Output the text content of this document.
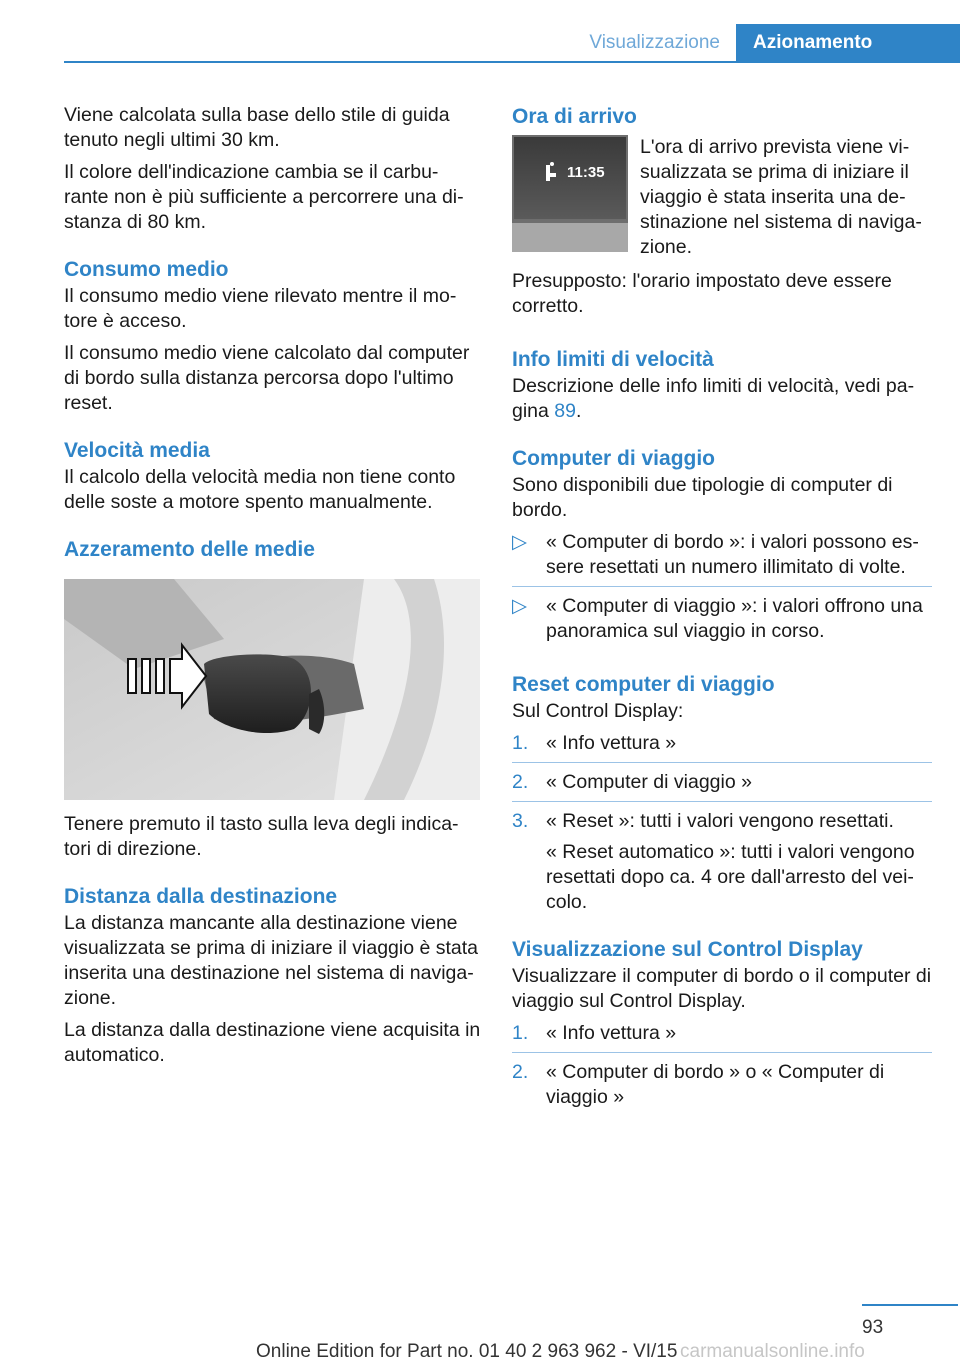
Visualizzazione	Azionamento

Viene calcolata sulla base dello stile di guida tenuto negli ultimi 30 km.

Il colore dell'indicazione cambia se il carbu-rante non è più sufficiente a percorrere una di-stanza di 80 km.

Consumo medio

Il consumo medio viene rilevato mentre il mo-tore è acceso.

Il consumo medio viene calcolato dal computer di bordo sulla distanza percorsa dopo l'ultimo reset.

Velocità media

Il calcolo della velocità media non tiene conto delle soste a motore spento manualmente.

Azzeramento delle medie

Tenere premuto il tasto sulla leva degli indica-tori di direzione.

Distanza dalla destinazione

La distanza mancante alla destinazione viene visualizzata se prima di iniziare il viaggio è stata inserita una destinazione nel sistema di naviga-zione.

La distanza dalla destinazione viene acquisita in automatico.

Ora di arrivo
11:35

L'ora di arrivo prevista viene vi-sualizzata se prima di iniziare il viaggio è stata inserita una de-stinazione nel sistema di naviga-zione.

Presupposto: l'orario impostato deve essere corretto.

Info limiti di velocità

Descrizione delle info limiti di velocità, vedi pa-gina 89.

Computer di viaggio

Sono disponibili due tipologie di computer di bordo.

▷ « Computer di bordo »: i valori possono es-sere resettati un numero illimitato di volte.
▷ « Computer di viaggio »: i valori offrono una panoramica sul viaggio in corso.
Reset computer di viaggio

Sul Control Display:

1. « Info vettura »
2. « Computer di viaggio »
3. « Reset »: tutti i valori vengono resettati.
« Reset automatico »: tutti i valori vengono resettati dopo ca. 4 ore dall'arresto del vei-colo.
Visualizzazione sul Control Display

Visualizzare il computer di bordo o il computer di viaggio sul Control Display.

1. « Info vettura »
2. « Computer di bordo » o « Computer di viaggio »
93
Online Edition for Part no. 01 40 2 963 962 - VI/15 carmanualsonline.info
